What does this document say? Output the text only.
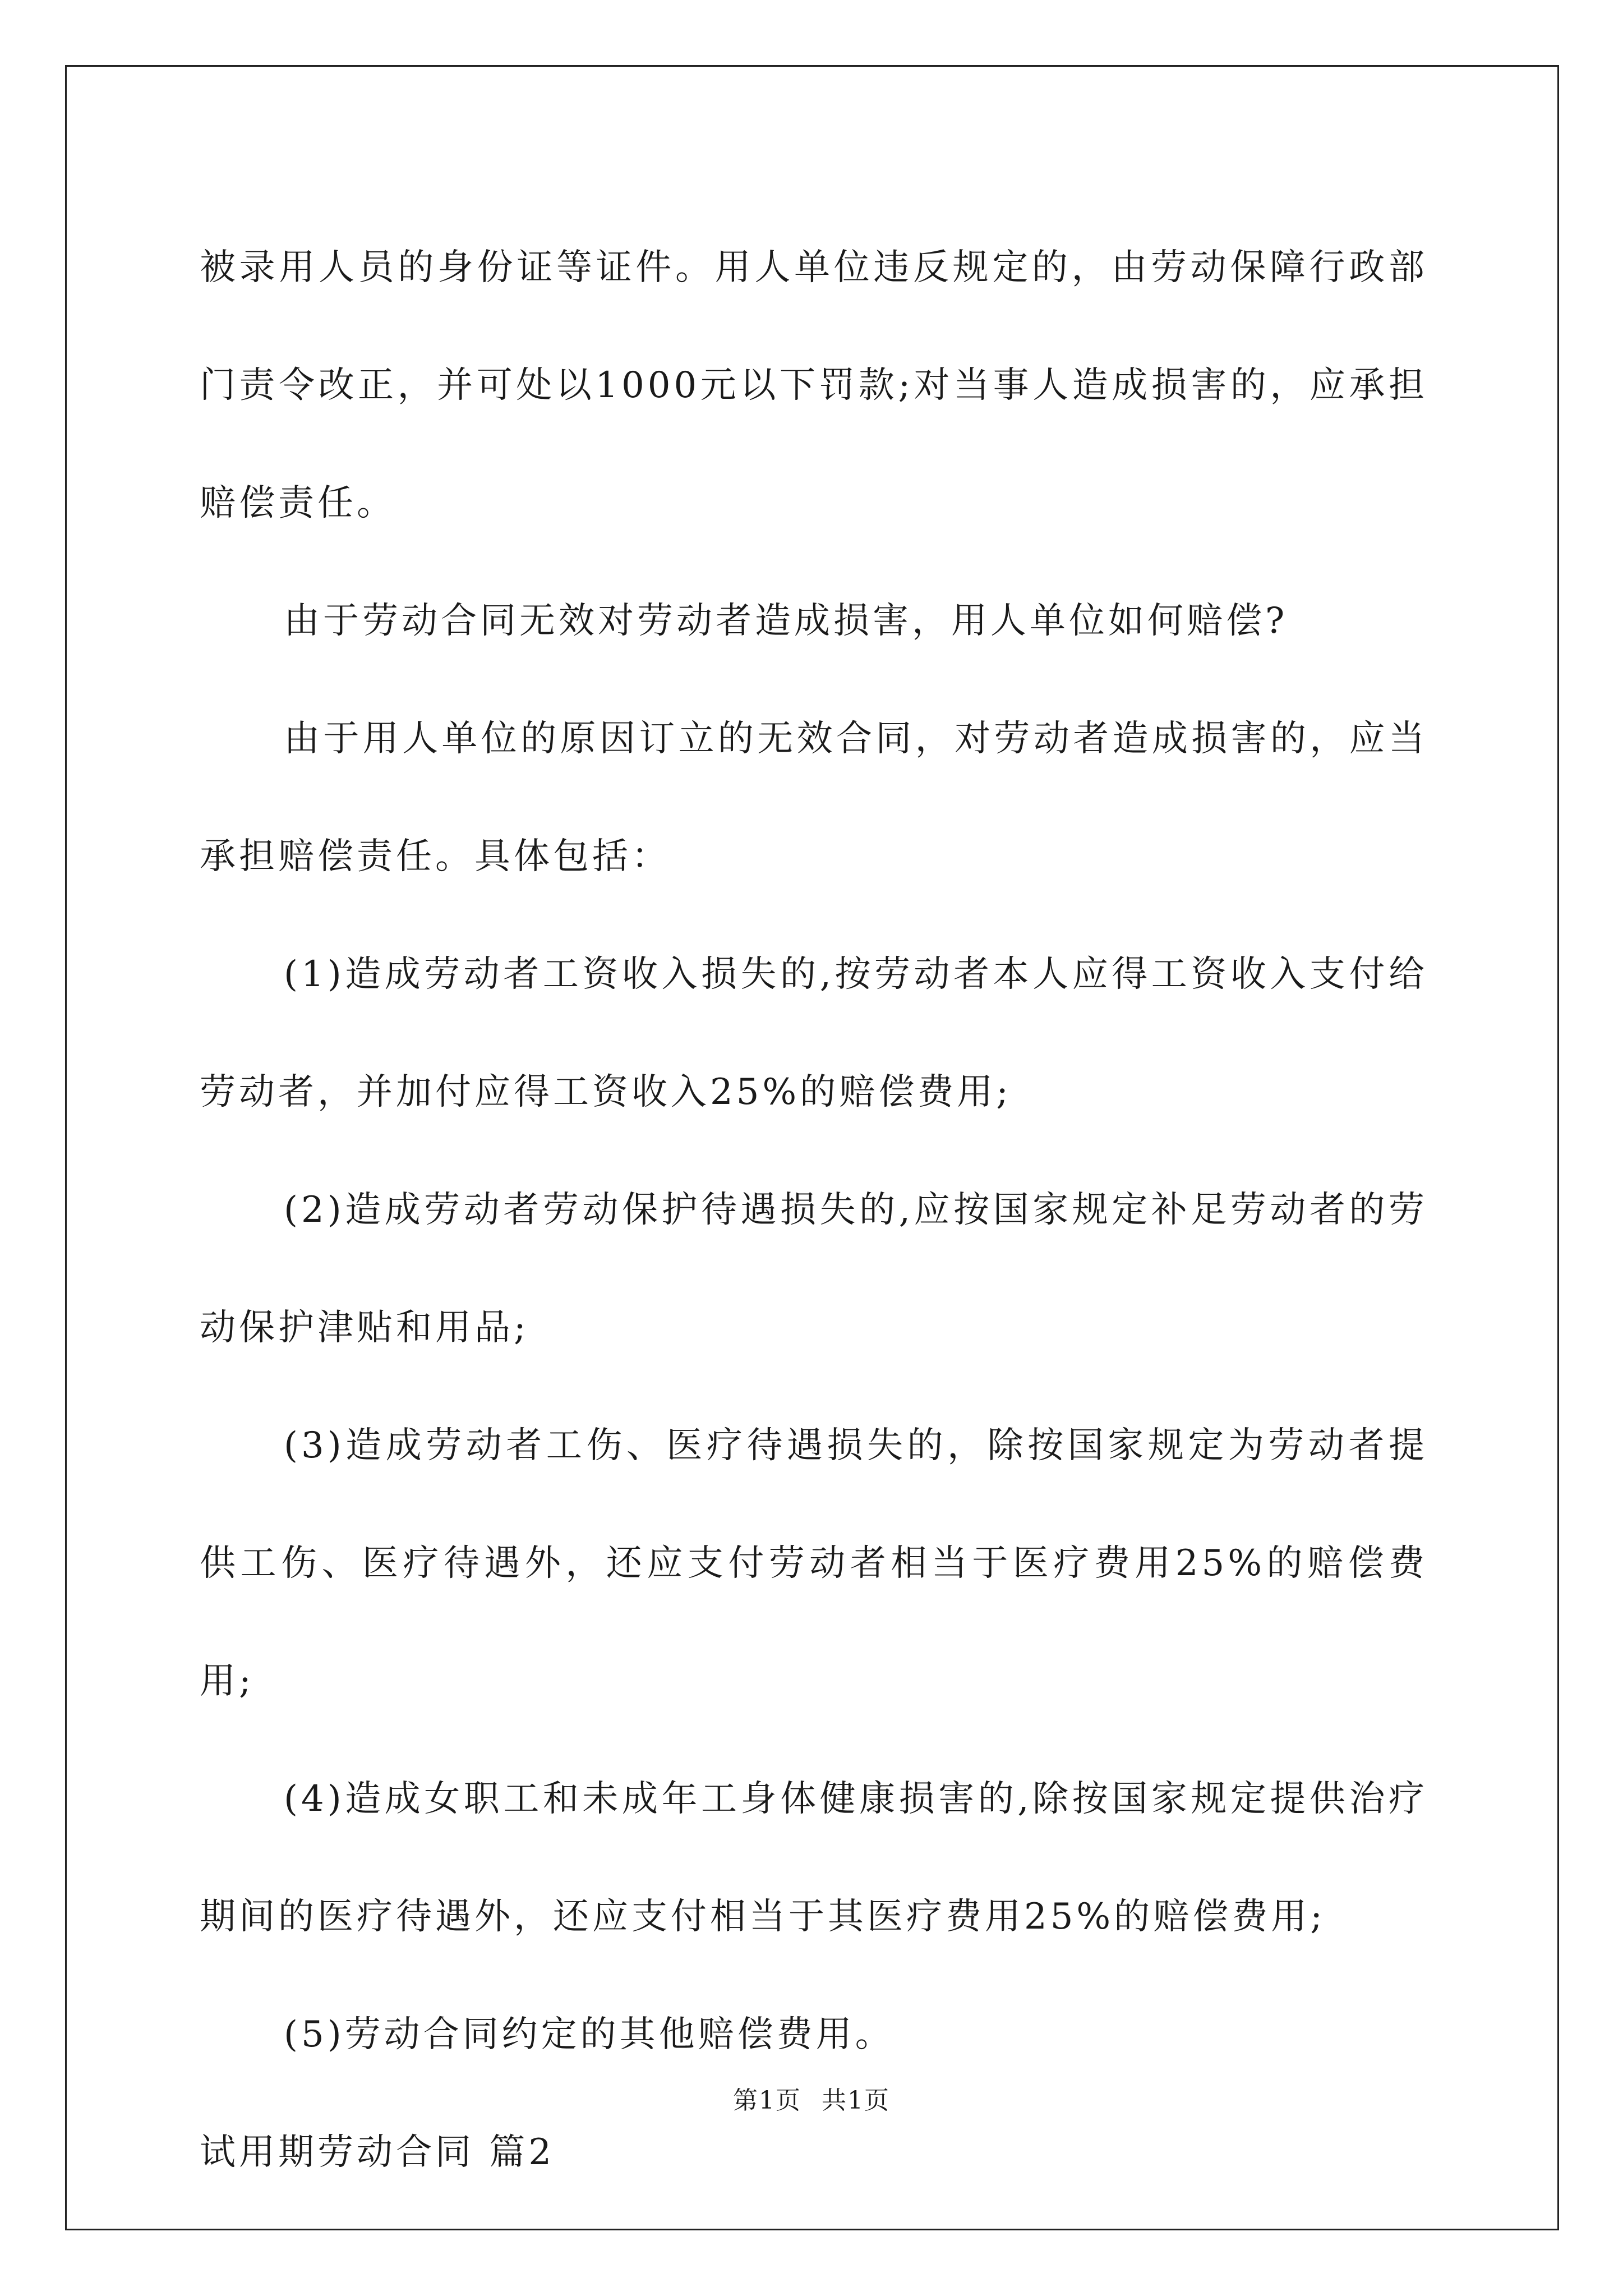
被录用人员的身份证等证件。用人单位违反规定的，由劳动保障行政部门责令改正，并可处以1000元以下罚款;对当事人造成损害的，应承担赔偿责任。

由于劳动合同无效对劳动者造成损害，用人单位如何赔偿?

由于用人单位的原因订立的无效合同，对劳动者造成损害的，应当承担赔偿责任。具体包括：

(1)造成劳动者工资收入损失的,按劳动者本人应得工资收入支付给劳动者，并加付应得工资收入25%的赔偿费用;

(2)造成劳动者劳动保护待遇损失的,应按国家规定补足劳动者的劳动保护津贴和用品;

(3)造成劳动者工伤、医疗待遇损失的，除按国家规定为劳动者提供工伤、医疗待遇外，还应支付劳动者相当于医疗费用25%的赔偿费用;

(4)造成女职工和未成年工身体健康损害的,除按国家规定提供治疗期间的医疗待遇外，还应支付相当于其医疗费用25%的赔偿费用;

(5)劳动合同约定的其他赔偿费用。

试用期劳动合同 篇2

第1页 共1页
